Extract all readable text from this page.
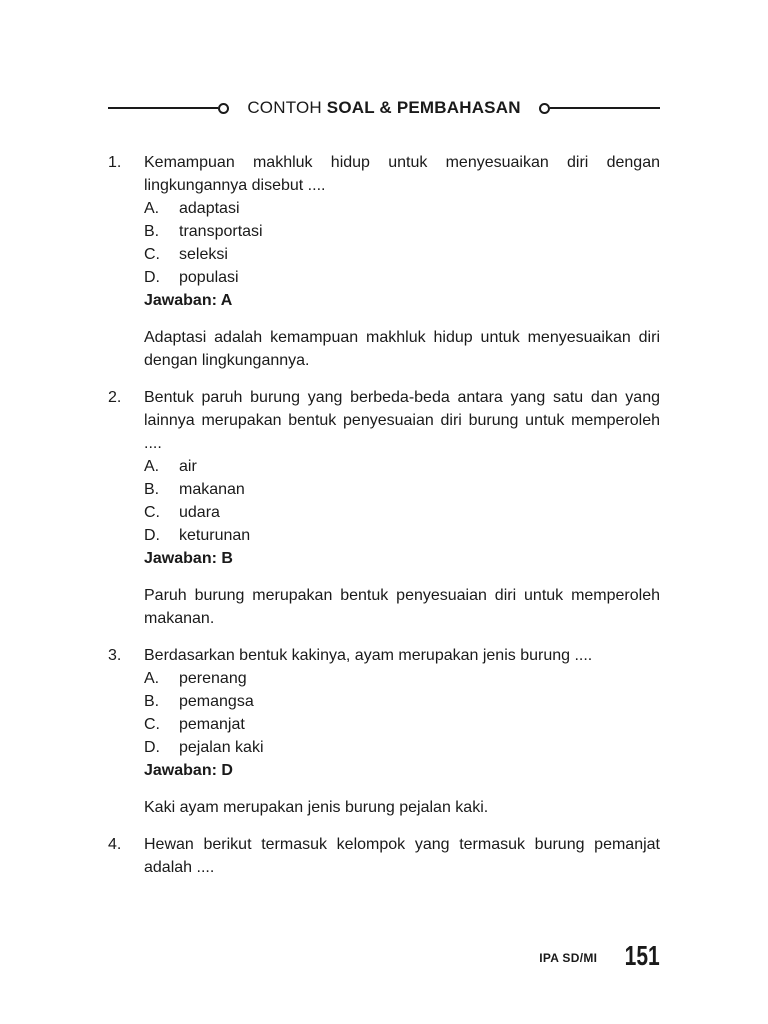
CONTOH SOAL & PEMBAHASAN
1. Kemampuan makhluk hidup untuk menyesuaikan diri dengan lingkungannya disebut ....
A. adaptasi
B. transportasi
C. seleksi
D. populasi
Jawaban: A
Adaptasi adalah kemampuan makhluk hidup untuk menyesuaikan diri dengan lingkungannya.
2. Bentuk paruh burung yang berbeda-beda antara yang satu dan yang lainnya merupakan bentuk penyesuaian diri burung untuk memperoleh ....
A. air
B. makanan
C. udara
D. keturunan
Jawaban: B
Paruh burung merupakan bentuk penyesuaian diri untuk memperoleh makanan.
3. Berdasarkan bentuk kakinya, ayam merupakan jenis burung ....
A. perenang
B. pemangsa
C. pemanjat
D. pejalan kaki
Jawaban: D
Kaki ayam merupakan jenis burung pejalan kaki.
4. Hewan berikut termasuk kelompok yang termasuk burung pemanjat adalah ....
IPA SD/MI 151
